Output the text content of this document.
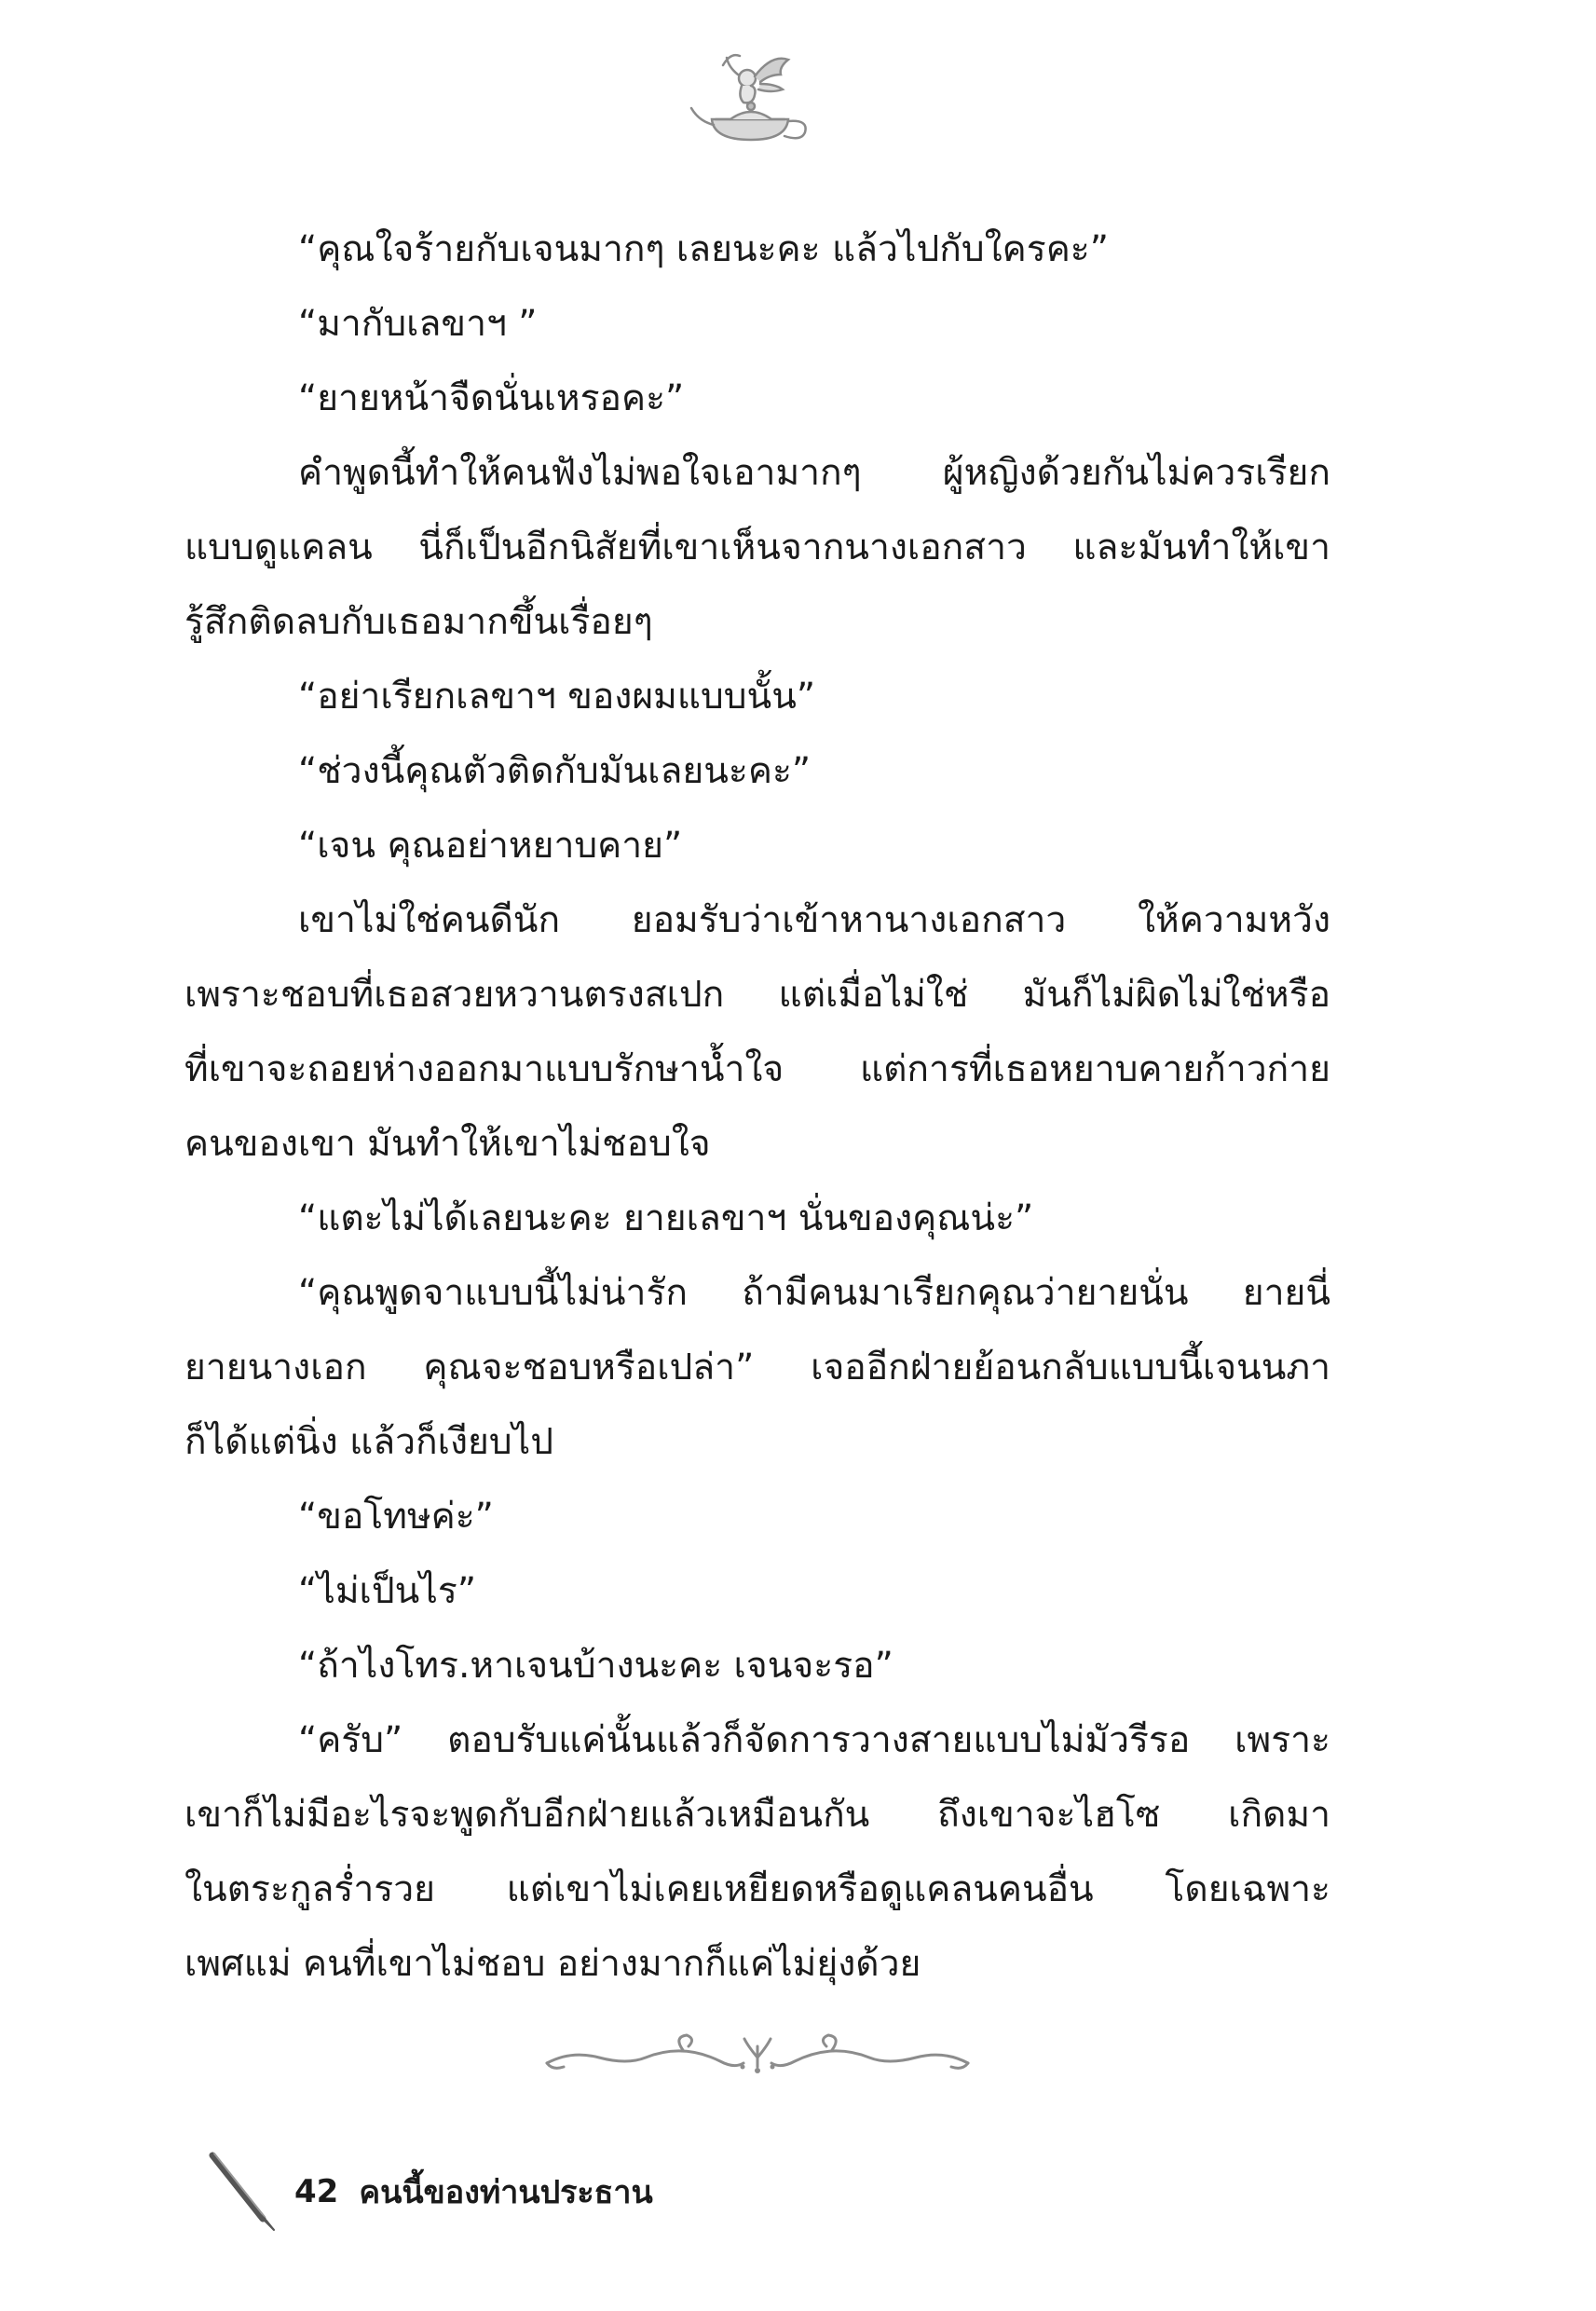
“คุณใจร้ายกับเจนมากๆ เลยนะคะ แล้วไปกับใครคะ”

“มากับเลขาฯ ”

“ยายหน้าจืดนั่นเหรอคะ”

คำพูดนี้ทำให้คนฟังไม่พอใจเอามากๆ ผู้หญิงด้วยกันไม่ควรเรียก

แบบดูแคลน นี่ก็เป็นอีกนิสัยที่เขาเห็นจากนางเอกสาว และมันทำให้เขา

รู้สึกติดลบกับเธอมากขึ้นเรื่อยๆ

“อย่าเรียกเลขาฯ ของผมแบบนั้น”

“ช่วงนี้คุณตัวติดกับมันเลยนะคะ”

“เจน คุณอย่าหยาบคาย”

เขาไม่ใช่คนดีนัก ยอมรับว่าเข้าหานางเอกสาว ให้ความหวัง

เพราะชอบที่เธอสวยหวานตรงสเปก แต่เมื่อไม่ใช่ มันก็ไม่ผิดไม่ใช่หรือ

ที่เขาจะถอยห่างออกมาแบบรักษาน้ำใจ แต่การที่เธอหยาบคายก้าวก่าย

คนของเขา มันทำให้เขาไม่ชอบใจ

“แตะไม่ได้เลยนะคะ ยายเลขาฯ นั่นของคุณน่ะ”

“คุณพูดจาแบบนี้ไม่น่ารัก ถ้ามีคนมาเรียกคุณว่ายายนั่น ยายนี่

ยายนางเอก คุณจะชอบหรือเปล่า” เจออีกฝ่ายย้อนกลับแบบนี้เจนนภา

ก็ได้แต่นิ่ง แล้วก็เงียบไป

“ขอโทษค่ะ”

“ไม่เป็นไร”

“ถ้าไงโทร.หาเจนบ้างนะคะ เจนจะรอ”

“ครับ” ตอบรับแค่นั้นแล้วก็จัดการวางสายแบบไม่มัวรีรอ เพราะ

เขาก็ไม่มีอะไรจะพูดกับอีกฝ่ายแล้วเหมือนกัน ถึงเขาจะไฮโซ เกิดมา

ในตระกูลร่ำรวย แต่เขาไม่เคยเหยียดหรือดูแคลนคนอื่น โดยเฉพาะ

เพศแม่ คนที่เขาไม่ชอบ อย่างมากก็แค่ไม่ยุ่งด้วย

42 คนนี้ของท่านประธาน
